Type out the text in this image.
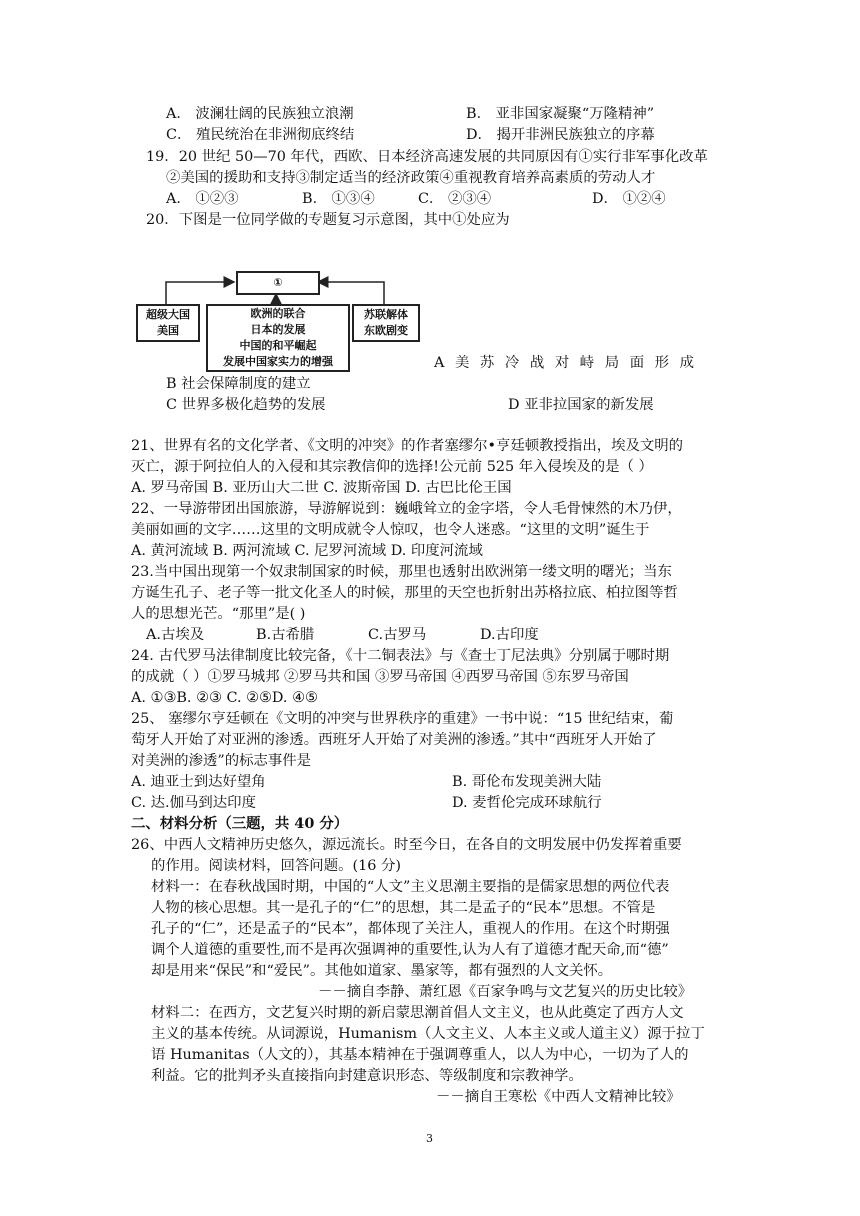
A． 波澜壮阔的民族独立浪潮	B． 亚非国家凝聚“万隆精神”
C． 殖民统治在非洲彻底终结	D． 揭开非洲民族独立的序幕
19．20 世纪 50—70 年代，西欧、日本经济高速发展的共同原因有①实行非军事化改革
②美国的援助和支持③制定适当的经济政策④重视教育培养高素质的劳动人才
A． ①②③	B． ①③④	C． ②③④	D． ①②④
20．下图是一位同学做的专题复习示意图，其中①处应为
①
超级大国
美国
欧洲的联合
日本的发展
中国的和平崛起
发展中国家实力的增强
苏联解体
东欧剧变
A 美 苏 冷 战 对 峙 局 面 形 成
B 社会保障制度的建立
C 世界多极化趋势的发展	D 亚非拉国家的新发展
21、世界有名的文化学者、《文明的冲突》的作者塞缪尔•亨廷顿教授指出，埃及文明的
灭亡，源于阿拉伯人的入侵和其宗教信仰的选择!公元前 525 年入侵埃及的是（ ）
A. 罗马帝国 B. 亚历山大二世 C. 波斯帝国 D. 古巴比伦王国
22、一导游带团出国旅游，导游解说到：巍峨耸立的金字塔，令人毛骨悚然的木乃伊，
美丽如画的文字……这里的文明成就令人惊叹，也令人迷惑。“这里的文明”诞生于
A. 黄河流域 B. 两河流域 C. 尼罗河流域 D. 印度河流域
23.当中国出现第一个奴隶制国家的时候，那里也透射出欧洲第一缕文明的曙光；当东
方诞生孔子、老子等一批文化圣人的时候，那里的天空也折射出苏格拉底、柏拉图等哲
人的思想光芒。“那里”是( )
A.古埃及	B.古希腊	C.古罗马	D.古印度
24. 古代罗马法律制度比较完备，《十二铜表法》与《查士丁尼法典》分别属于哪时期
的成就（ ）①罗马城邦 ②罗马共和国 ③罗马帝国 ④西罗马帝国 ⑤东罗马帝国
A. ①③B. ②③ C. ②⑤D. ④⑤
25、 塞缪尔亨廷顿在《文明的冲突与世界秩序的重建》一书中说：“15 世纪结束，葡
萄牙人开始了对亚洲的渗透。西班牙人开始了对美洲的渗透。”其中“西班牙人开始了
对美洲的渗透”的标志事件是
A. 迪亚士到达好望角	B. 哥伦布发现美洲大陆
C. 达.伽马到达印度	D. 麦哲伦完成环球航行
二、材料分析（三题，共 40 分）
26、中西人文精神历史悠久，源远流长。时至今日，在各自的文明发展中仍发挥着重要
的作用。阅读材料，回答问题。(16 分)
材料一：在春秋战国时期，中国的“人文”主义思潮主要指的是儒家思想的两位代表
人物的核心思想。其一是孔子的“仁”的思想，其二是孟子的“民本”思想。不管是
孔子的“仁”，还是孟子的“民本”，都体现了关注人，重视人的作用。在这个时期强
调个人道德的重要性,而不是再次强调神的重要性,认为人有了道德才配天命,而“德”
却是用来“保民”和“爱民”。其他如道家、墨家等，都有强烈的人文关怀。
－－摘自李静、萧红恩《百家争鸣与文艺复兴的历史比较》
材料二：在西方，文艺复兴时期的新启蒙思潮首倡人文主义，也从此奠定了西方人文
主义的基本传统。从词源说，Humanism（人文主义、人本主义或人道主义）源于拉丁
语 Humanitas（人文的），其基本精神在于强调尊重人，以人为中心，一切为了人的
利益。它的批判矛头直接指向封建意识形态、等级制度和宗教神学。
－－摘自王寒松《中西人文精神比较》
3
